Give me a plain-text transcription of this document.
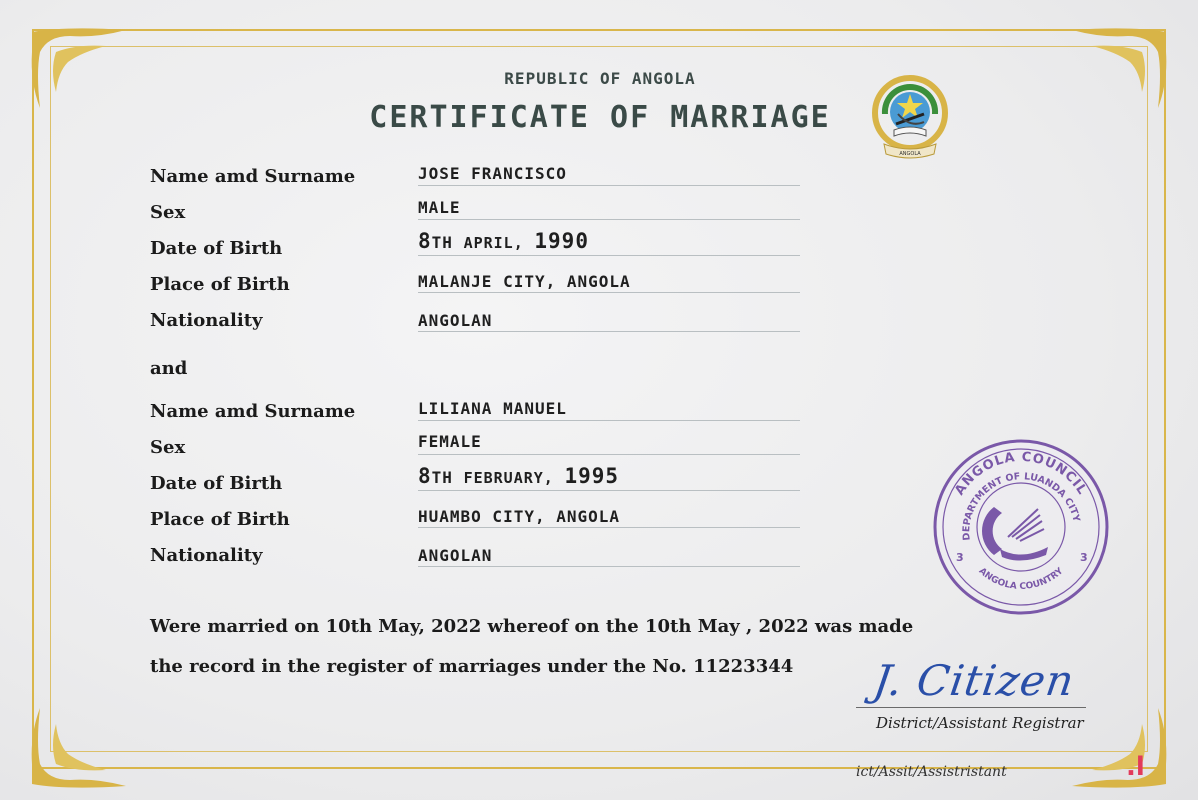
REPUBLIC OF ANGOLA
CERTIFICATE OF MARRIAGE
ANGOLA
Name amd Surname	JOSE FRANCISCO
Sex	MALE
Date of Birth	8TH APRIL, 1990
Place of Birth	MALANJE CITY, ANGOLA
Nationality	ANGOLAN
and
Name amd Surname	LILIANA MANUEL
Sex	FEMALE
Date of Birth	8TH FEBRUARY, 1995
Place of Birth	HUAMBO CITY, ANGOLA
Nationality	ANGOLAN
Were married on 10th May, 2022 whereof on the 10th May , 2022 was made
the record in the register of marriages under the No. 11223344
ANGOLA COUNCIL
DEPARTMENT OF LUANDA CITY
ANGOLA COUNTRY
3	3
J. Citizen
District/Assistant Registrar
ict/Assit/Assistristant	.l
